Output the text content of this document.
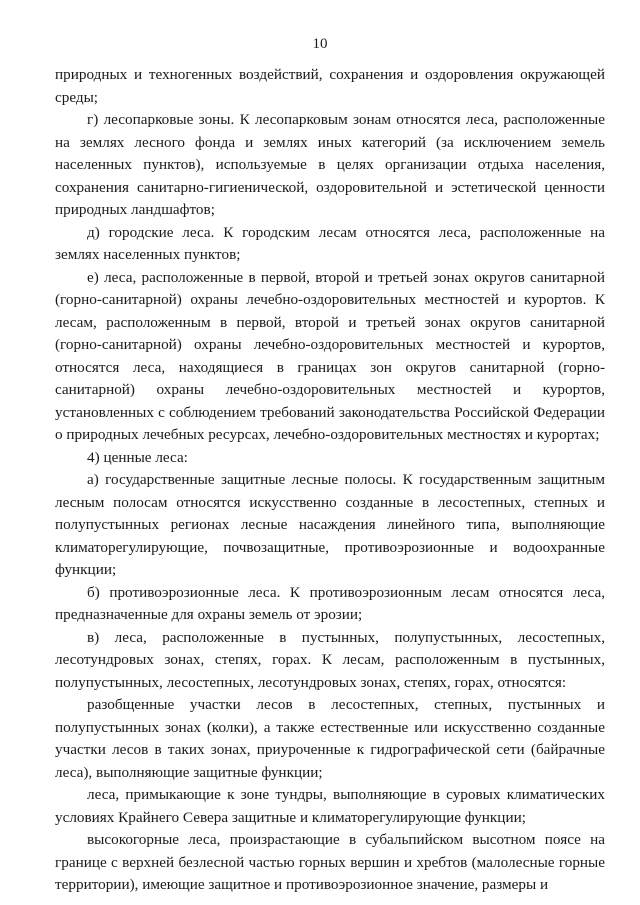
10

природных и техногенных воздействий, сохранения и оздоровления окружающей среды;

г) лесопарковые зоны. К лесопарковым зонам относятся леса, расположенные на землях лесного фонда и землях иных категорий (за исключением земель населенных пунктов), используемые в целях организации отдыха населения, сохранения санитарно-гигиенической, оздоровительной и эстетической ценности природных ландшафтов;

д) городские леса. К городским лесам относятся леса, расположенные на землях населенных пунктов;

е) леса, расположенные в первой, второй и третьей зонах округов санитарной (горно-санитарной) охраны лечебно-оздоровительных местностей и курортов. К лесам, расположенным в первой, второй и третьей зонах округов санитарной (горно-санитарной) охраны лечебно-оздоровительных местностей и курортов, относятся леса, находящиеся в границах зон округов санитарной (горно-санитарной) охраны лечебно-оздоровительных местностей и курортов, установленных с соблюдением требований законодательства Российской Федерации о природных лечебных ресурсах, лечебно-оздоровительных местностях и курортах;

4) ценные леса:

а) государственные защитные лесные полосы. К государственным защитным лесным полосам относятся искусственно созданные в лесостепных, степных и полупустынных регионах лесные насаждения линейного типа, выполняющие климаторегулирующие, почвозащитные, противоэрозионные и водоохранные функции;

б) противоэрозионные леса. К противоэрозионным лесам относятся леса, предназначенные для охраны земель от эрозии;

в) леса, расположенные в пустынных, полупустынных, лесостепных, лесотундровых зонах, степях, горах. К лесам, расположенным в пустынных, полупустынных, лесостепных, лесотундровых зонах, степях, горах, относятся:

разобщенные участки лесов в лесостепных, степных, пустынных и полупустынных зонах (колки), а также естественные или искусственно созданные участки лесов в таких зонах, приуроченные к гидрографической сети (байрачные леса), выполняющие защитные функции;

леса, примыкающие к зоне тундры, выполняющие в суровых климатических условиях Крайнего Севера защитные и климаторегулирующие функции;

высокогорные леса, произрастающие в субальпийском высотном поясе на границе с верхней безлесной частью горных вершин и хребтов (малолесные горные территории), имеющие защитное и противоэрозионное значение, размеры и
